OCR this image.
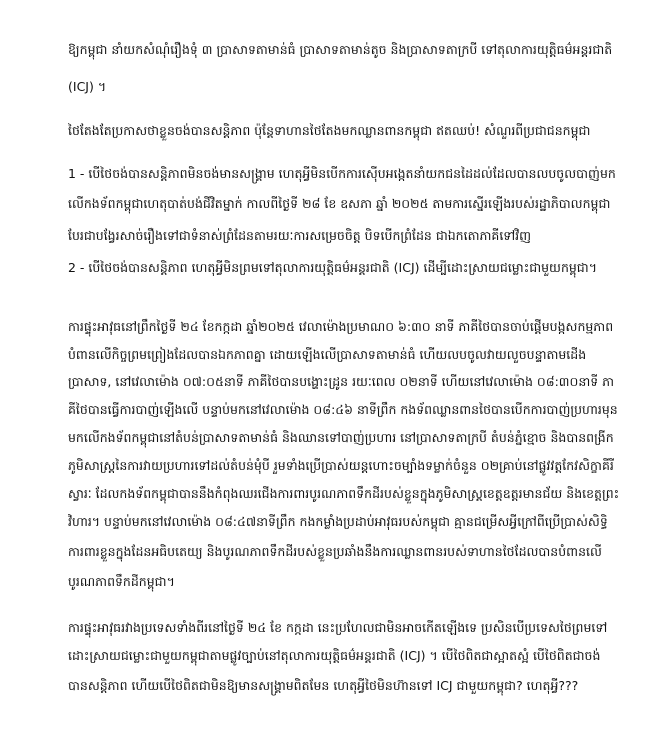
ឱ្យកម្ពុជា នាំយកសំណុំរឿងទុំ ៣ ប្រាសាទតាមាន់ធំ ប្រាសាទតាមាន់តូច និងប្រាសាទតាក្របី ទៅតុលាការយុត្តិធម៌អន្តរជាតិ
(ICJ) ។
ថៃតែងតែប្រកាសថាខ្លួនចង់បានសន្តិភាព ប៉ុន្តែទាហានថៃតែងមកឈ្លានពានកម្ពុជា ឥតឈប់! សំណួរពីប្រជាជនកម្ពុជា
1 - បើថៃចង់បានសន្តិភាពមិនចង់មានសង្គ្រាម ហេតុអ្វីមិនបើកការស៊ើបអង្កេតនាំយកជនដៃដល់ដែលបានលបចូលបាញ់មក
លើកងទ័ពកម្ពុជាហេតុបាត់បង់ជីវិតម្នាក់ កាលពីថ្ងៃទី ២៨ ខែ ឧសភា ឆ្នាំ ២០២៥ តាមការស្នើរឡើងរបស់រដ្ឋាភិបាលកម្ពុជា
បែរជាបង្វែរសាច់រឿងទៅជាទំនាស់ព្រំដែនតាមរយៈការសម្រេចចិត្ត បិទបើកព្រំដែន ជាឯកតោភាគីទៅវិញ
2 - បើថៃចង់បានសន្តិភាព ហេតុអ្វីមិនព្រមទៅតុលាការយុត្តិធម៌អន្តរជាតិ (ICJ) ដើម្បីដោះស្រាយជម្លោះជាមួយកម្ពុជា។
ការផ្ទុះអាវុធនៅព្រឹកថ្ងៃទី ២៤ ខែកក្កដា ឆ្នាំ២០២៥ វេលាម៉ោងប្រមាណ០ ៦:៣០ នាទី ភាគីថៃបានចាប់ផ្តើមបង្កសកម្មភាព
បំពានលើកិច្ចព្រមព្រៀងដែលបានឯកភាពគ្នា ដោយឡើងលើប្រាសាទតាមាន់ធំ ហើយលបចូលវាយលួចបន្ទាតាមដើង
ប្រាសាទ, នៅវេលាម៉ោង ០៧:០៥នាទី ភាគីថៃបានបង្ហោះដ្រូន រយៈពេល ០២នាទី ហើយនៅវេលាម៉ោង ០៨:៣០នាទី ភា
គីថៃបានធ្វើការបាញ់ឡើងលើ បន្ទាប់មកនៅវេលាម៉ោង ០៨:៤៦ នាទីព្រឹក កងទ័ពឈ្លានពានថៃបានបើកការបាញ់ប្រហារមុន
មកលើកងទ័ពកម្ពុជានៅតំបន់ប្រាសាទតាមាន់ធំ និងឈានទៅបាញ់ប្រហារ នៅប្រាសាទតាក្របី តំបន់ភ្នំខ្មោច និងបានពង្រីក
ភូមិសាស្រ្តនៃការវាយប្រហារទៅដល់តំបន់មុំបី រួមទាំងប្រើប្រាស់យន្តហោះចម្បាំងទម្លាក់ចំនួន ០២គ្រាប់នៅផ្លូវវត្តកែវសិក្ខាគីរី
ស្វារៈ ដែលកងទ័ពកម្ពុជាបាននឹងកំពុងឈរជើងការពារបូរណភាពទឹកដីរបស់ខ្លួនក្នុងភូមិសាស្ត្រខេត្តឧត្តរមានជ័យ និងខេត្តព្រះ
វិហារ។ បន្ទាប់មកនៅវេលាម៉ោង ០៨:៤៧នាទីព្រឹក កងកម្លាំងប្រដាប់អាវុធរបស់កម្ពុជា គ្មានជម្រើសអ្វីក្រៅពីប្រើប្រាស់សិទ្ធិ
ការពារខ្លួនក្នុងដែនអធិបតេយ្យ និងបូរណភាពទឹកដីរបស់ខ្លួនប្រឆាំងនឹងការឈ្លានពានរបស់ទាហានថៃដែលបានបំពានលើ
បូរណភាពទឹកដីកម្ពុជា។
ការផ្ទុះអាវុធរវាងប្រទេសទាំងពីរនៅថ្ងៃទី ២៤ ខែ កក្កដា នេះប្រហែលជាមិនអាចកើតឡើងទេ ប្រសិនបើប្រទេសថៃព្រមទៅ
ដោះស្រាយជម្លោះជាមួយកម្ពុជាតាមផ្លូវច្បាប់នៅតុលាការយុត្តិធម៌អន្តរជាតិ (ICJ) ។ បើថៃពិតជាស្អាតស្អំ បើថៃពិតជាចង់
បានសន្តិភាព ហើយបើថៃពិតជាមិនឱ្យមានសង្គ្រាមពិតមែន ហេតុអ្វីថៃមិនហ៊ានទៅ ICJ ជាមួយកម្ពុជា? ហេតុអ្វី???
